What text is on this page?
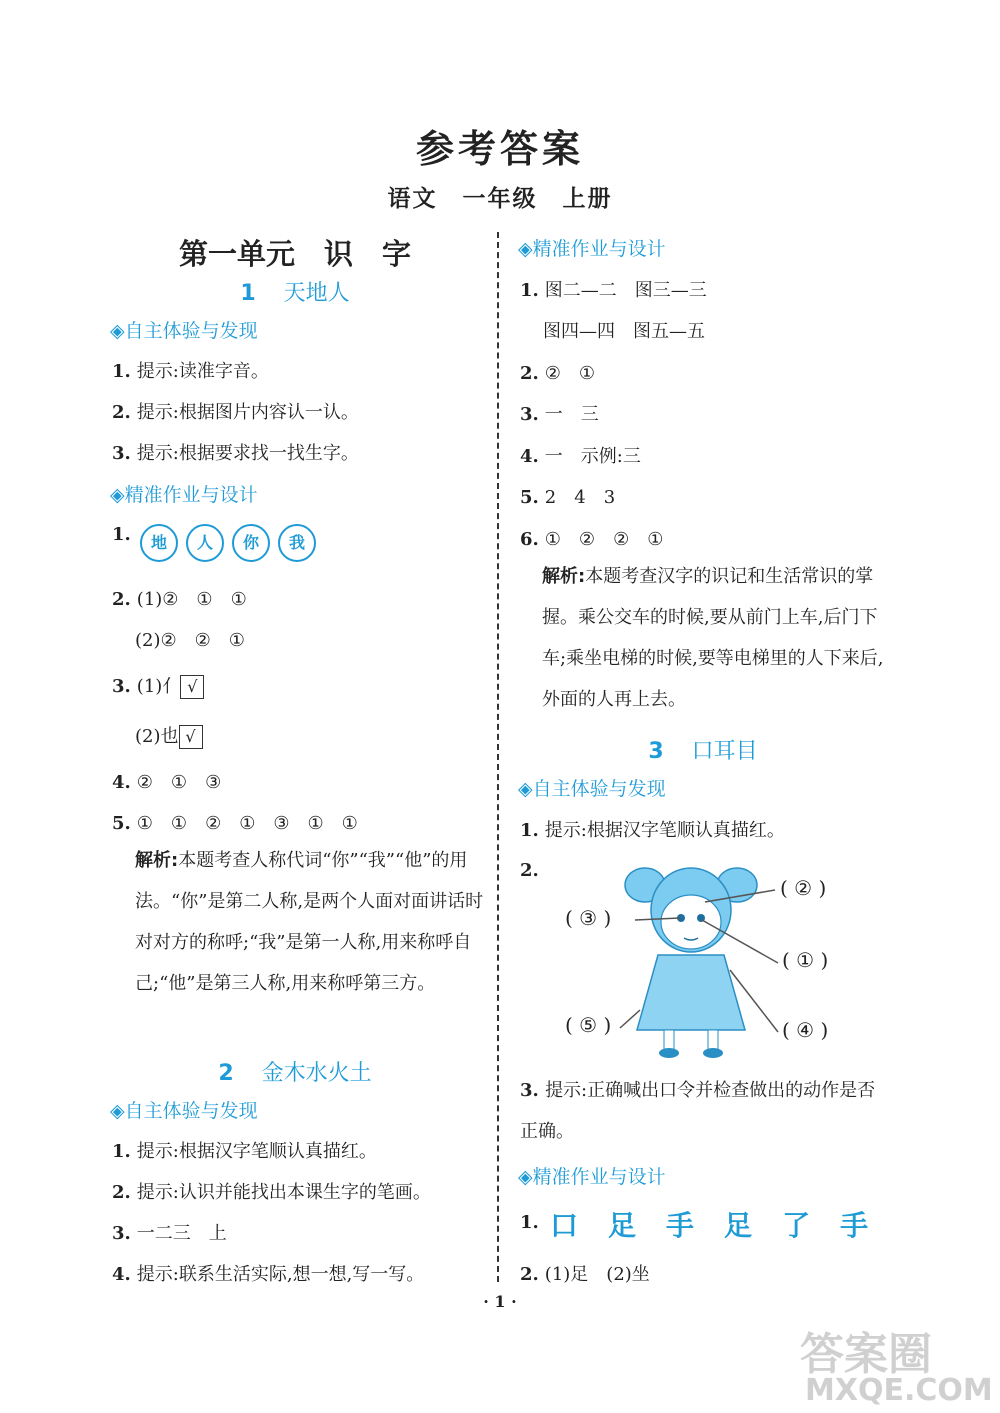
参考答案
语文　一年级　上册
第一单元　识　字
1 天地人
◈自主体验与发现
1. 提示:读准字音。
2. 提示:根据图片内容认一认。
3. 提示:根据要求找一找生字。
◈精准作业与设计
1.	地 人 你 我
2. (1)②　①　①
(2)②　②　①
3. (1)亻 √
(2)也 √
4. ②　①　③
5. ①　①　②　①　③　①　①
解析:本题考查人称代词“你”“我”“他”的用法。“你”是第二人称,是两个人面对面讲话时对对方的称呼;“我”是第一人称,用来称呼自己;“他”是第三人称,用来称呼第三方。
2 金木水火土
◈自主体验与发现
1. 提示:根据汉字笔顺认真描红。
2. 提示:认识并能找出本课生字的笔画。
3. 一二三　上
4. 提示:联系生活实际,想一想,写一写。
◈精准作业与设计
1. 图二—二　图三—三
图四—四　图五—五
2. ②　①
3. 一　三
4. 一　示例:三
5. 2　4　3
6. ①　②　②　①
解析:本题考查汉字的识记和生活常识的掌握。乘公交车的时候,要从前门上车,后门下车;乘坐电梯的时候,要等电梯里的人下来后,外面的人再上去。
3 口耳目
◈自主体验与发现
1. 提示:根据汉字笔顺认真描红。
2.
( ② )
( ③ )
( ① )
( ⑤ )	( ④ )
3. 提示:正确喊出口令并检查做出的动作是否正确。
◈精准作业与设计
1. 口 足 手 足 了 手
2. (1)足　(2)坐
· 1 ·
答案圈
MXQE.COM
